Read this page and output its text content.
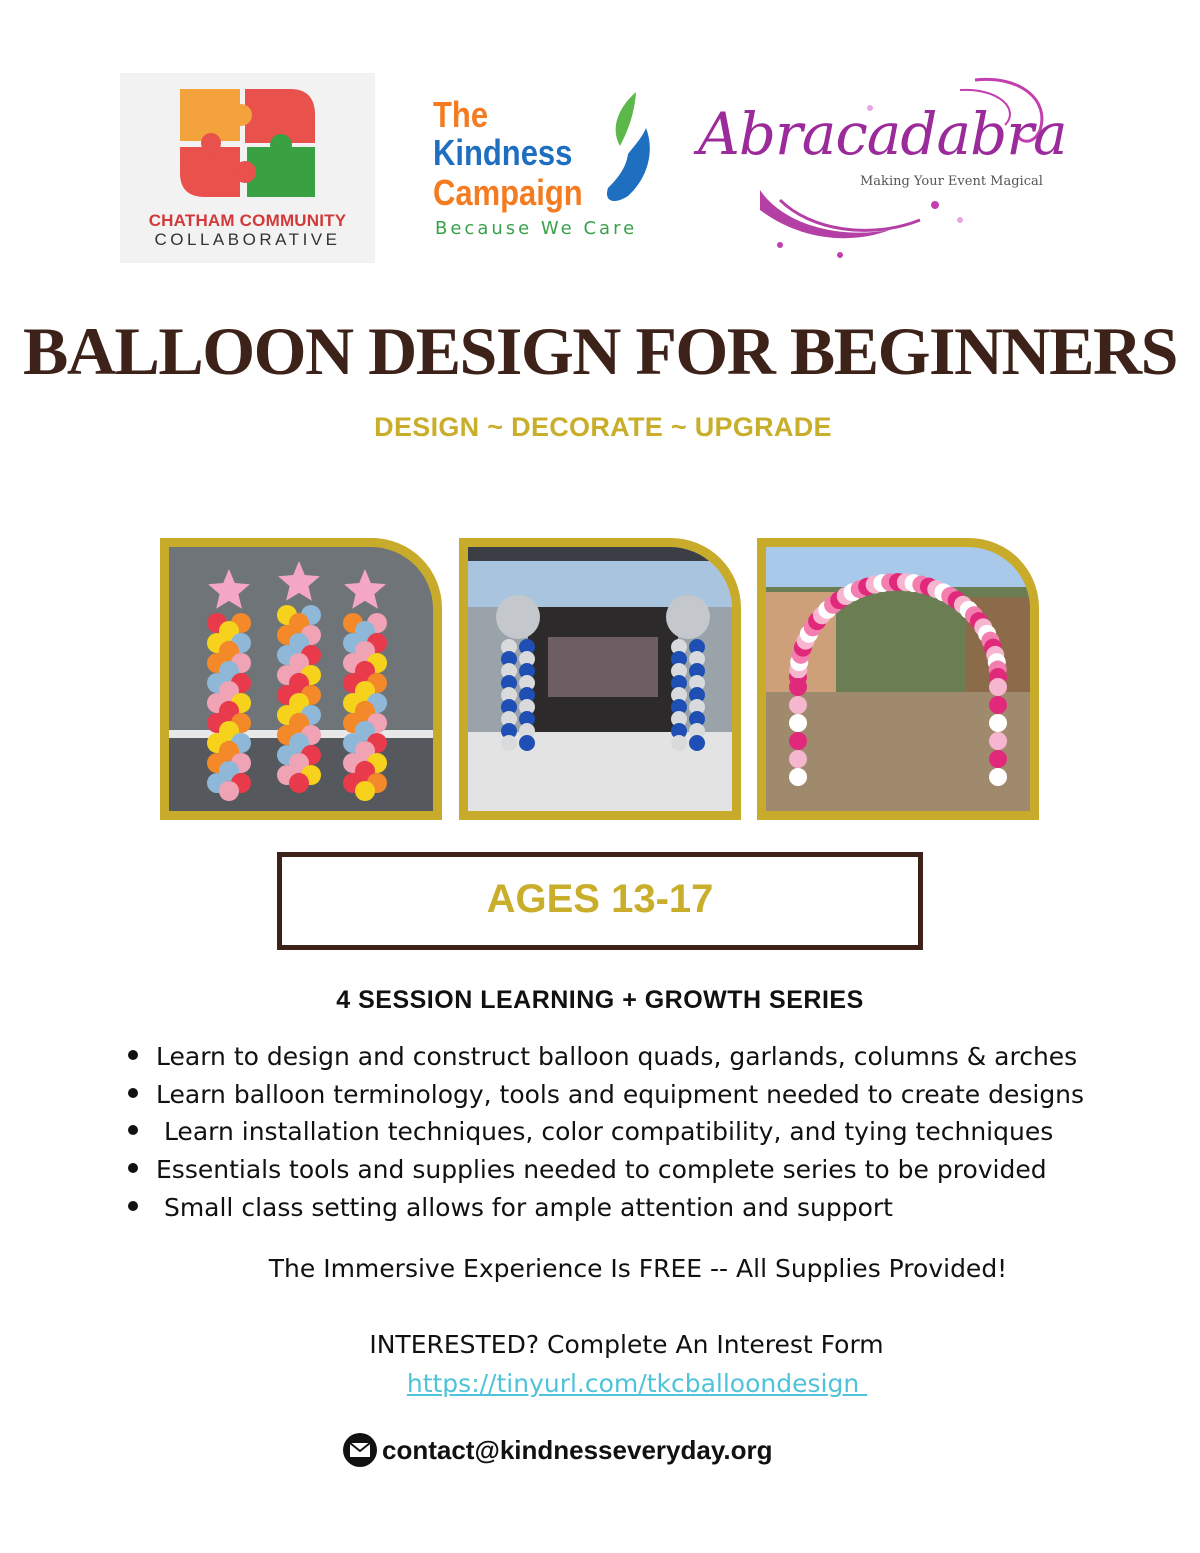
CHATHAM COMMUNITY
COLLABORATIVE
The
Kindness
Campaign
Because We Care
Abracadabra
Making Your Event Magical
BALLOON DESIGN FOR BEGINNERS
DESIGN ~ DECORATE ~ UPGRADE
AGES 13-17
4 SESSION LEARNING + GROWTH SERIES
Learn to design and construct balloon quads, garlands, columns & arches
Learn balloon terminology, tools and equipment needed to create designs
Learn installation techniques, color compatibility, and tying techniques
Essentials tools and supplies needed to complete series to be provided
Small class setting allows for ample attention and support
The Immersive Experience Is FREE -- All Supplies Provided!
INTERESTED? Complete An Interest Form
https://tinyurl.com/tkcballoondesign
contact@kindnesseveryday.org
